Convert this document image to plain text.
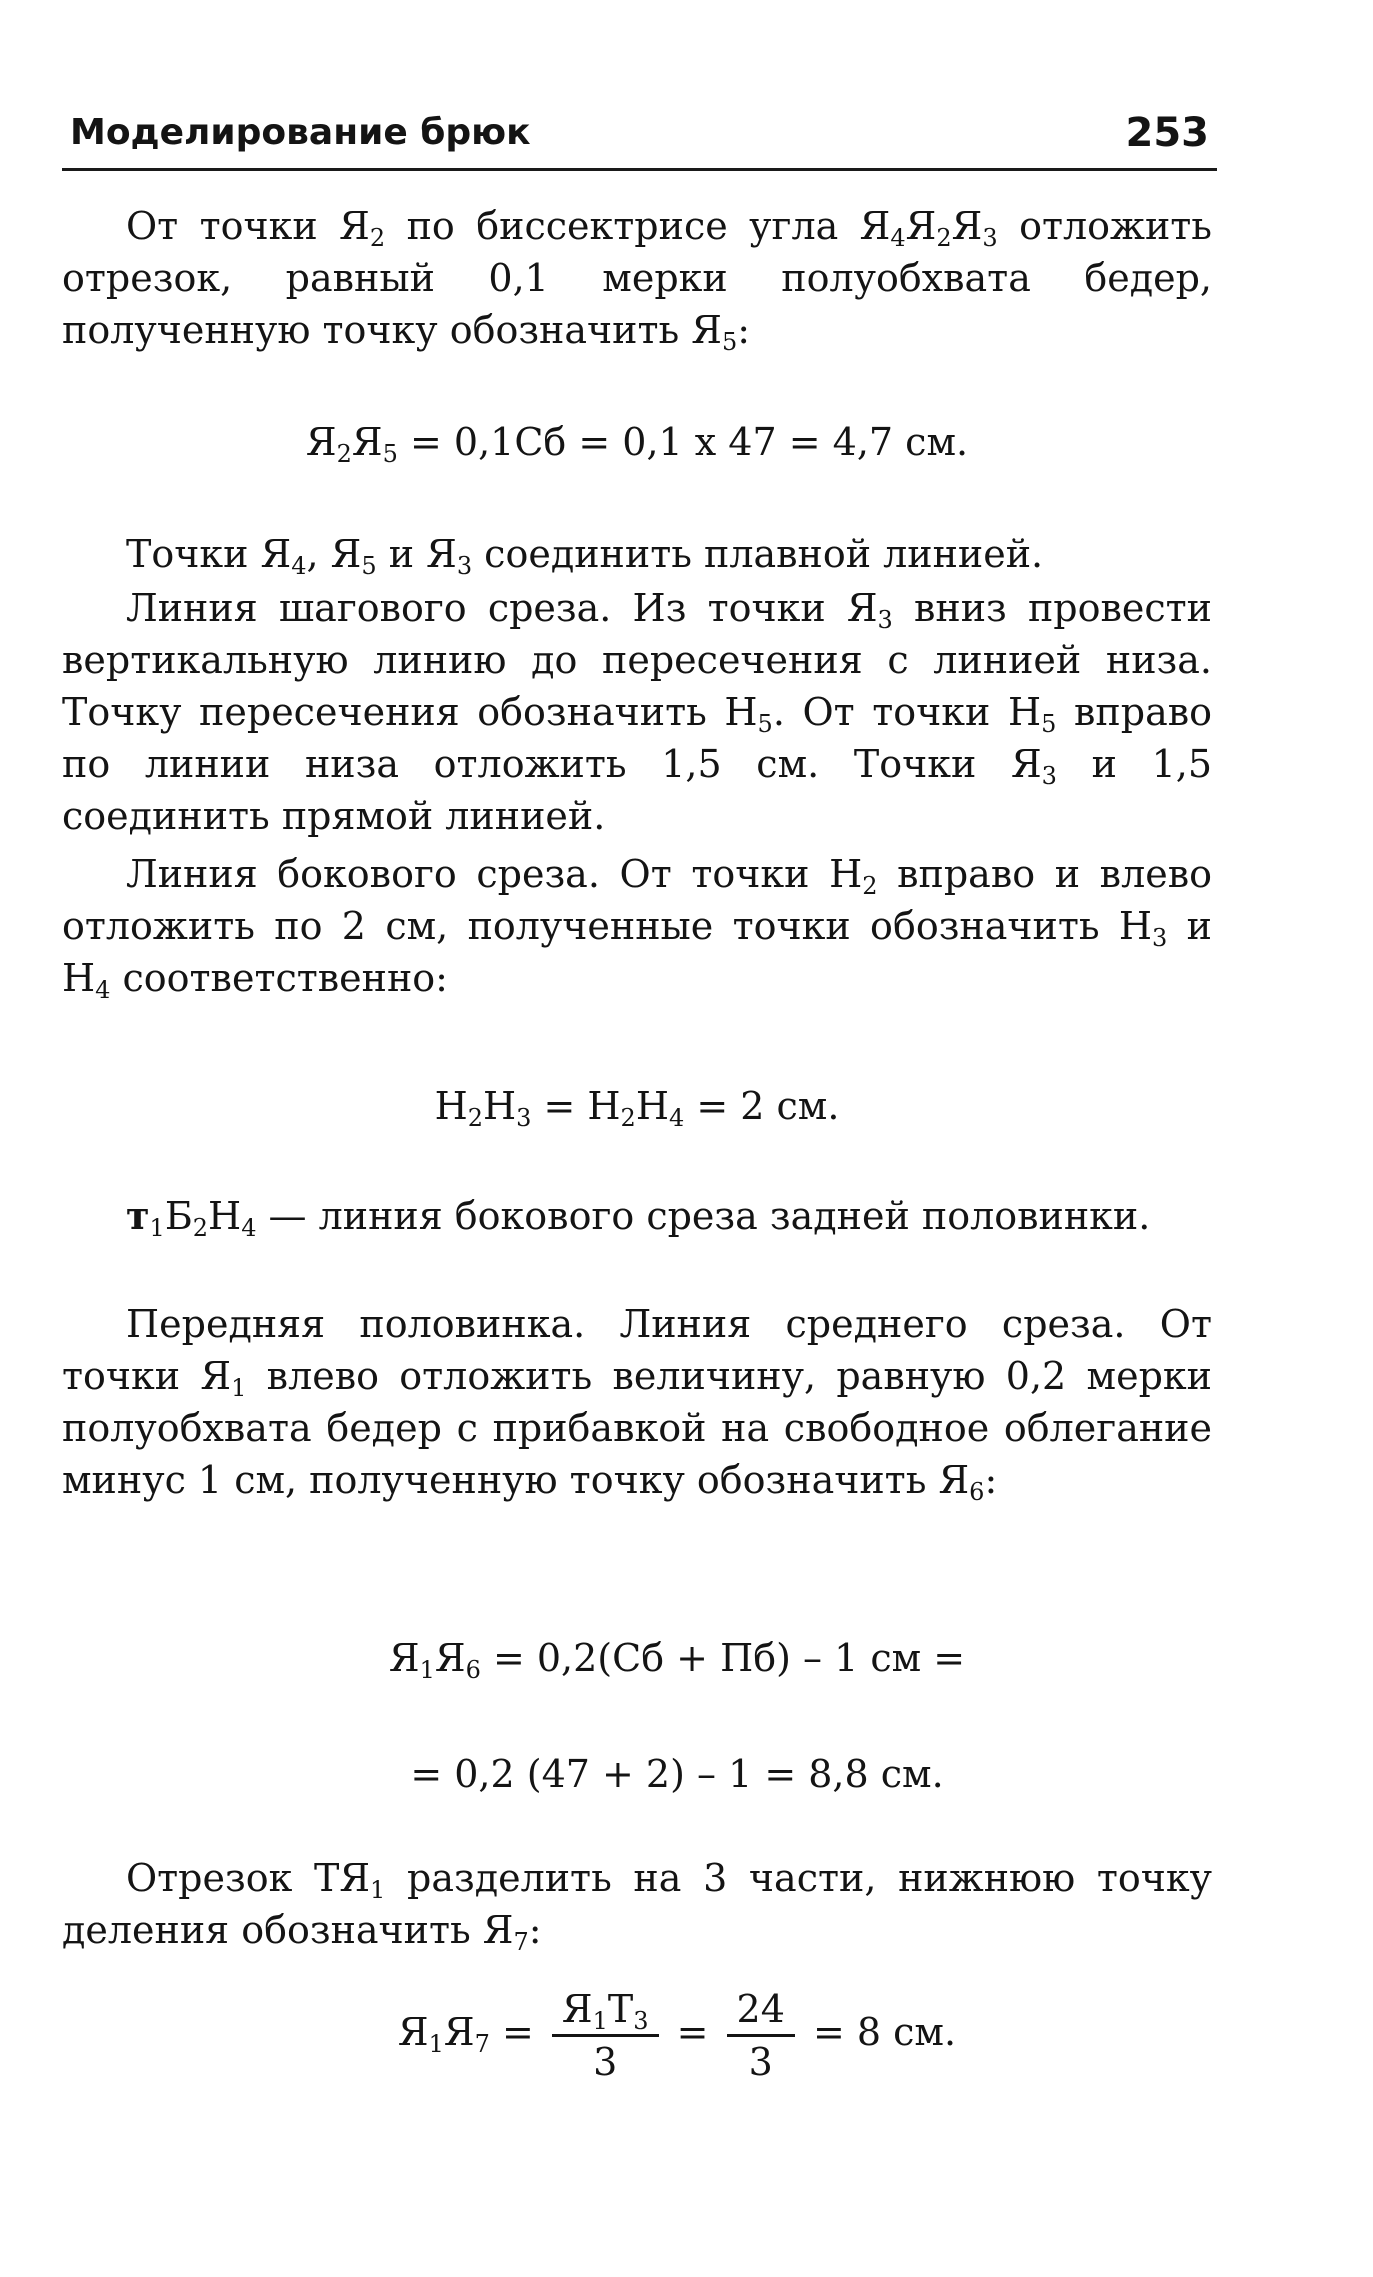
Моделирование брюк	253

От точки $Я_2$ по биссектрисе угла $Я_4Я_2Я_3$ отложить отрезок, равный 0,1 мерки полуобхвата бедер, полученную точку обозначить $Я_5$:

$Я_2Я_5 = 0,1Сб = 0,1$ х 47 = 4,7 см.

Точки $Я_4$, $Я_5$ и $Я_3$ соединить плавной линией.

Линия шагового среза. Из точки $Я_3$ вниз провести вертикальную линию до пересечения с линией низа. Точку пересечения обозначить $Н_5$. От точки $Н_5$ вправо по линии низа отложить 1,5 см. Точки $Я_3$ и 1,5 соединить прямой линией.

Линия бокового среза. От точки $Н_2$ вправо и влево отложить по 2 см, полученные точки обозначить $Н_3$ и $Н_4$ соответственно:

$Н_2Н_3 = Н_2Н_4 = 2$ см.

$т_1Б_2Н_4$ — линия бокового среза задней половинки.

Передняя половинка. Линия среднего среза. От точки $Я_1$ влево отложить величину, равную 0,2 мерки полуобхвата бедер с прибавкой на свободное облегание минус 1 см, полученную точку обозначить $Я_6$:

$Я_1Я_6 = 0,2(Сб + Пб) - 1$ см =
= 0,2 (47 + 2) – 1 = 8,8 см.

Отрезок $ТЯ_1$ разделить на 3 части, нижнюю точку деления обозначить $Я_7$:

$Я_1Я_7 = \frac{Я_1Т_3}{3} = \frac{24}{3} = 8$ см.
